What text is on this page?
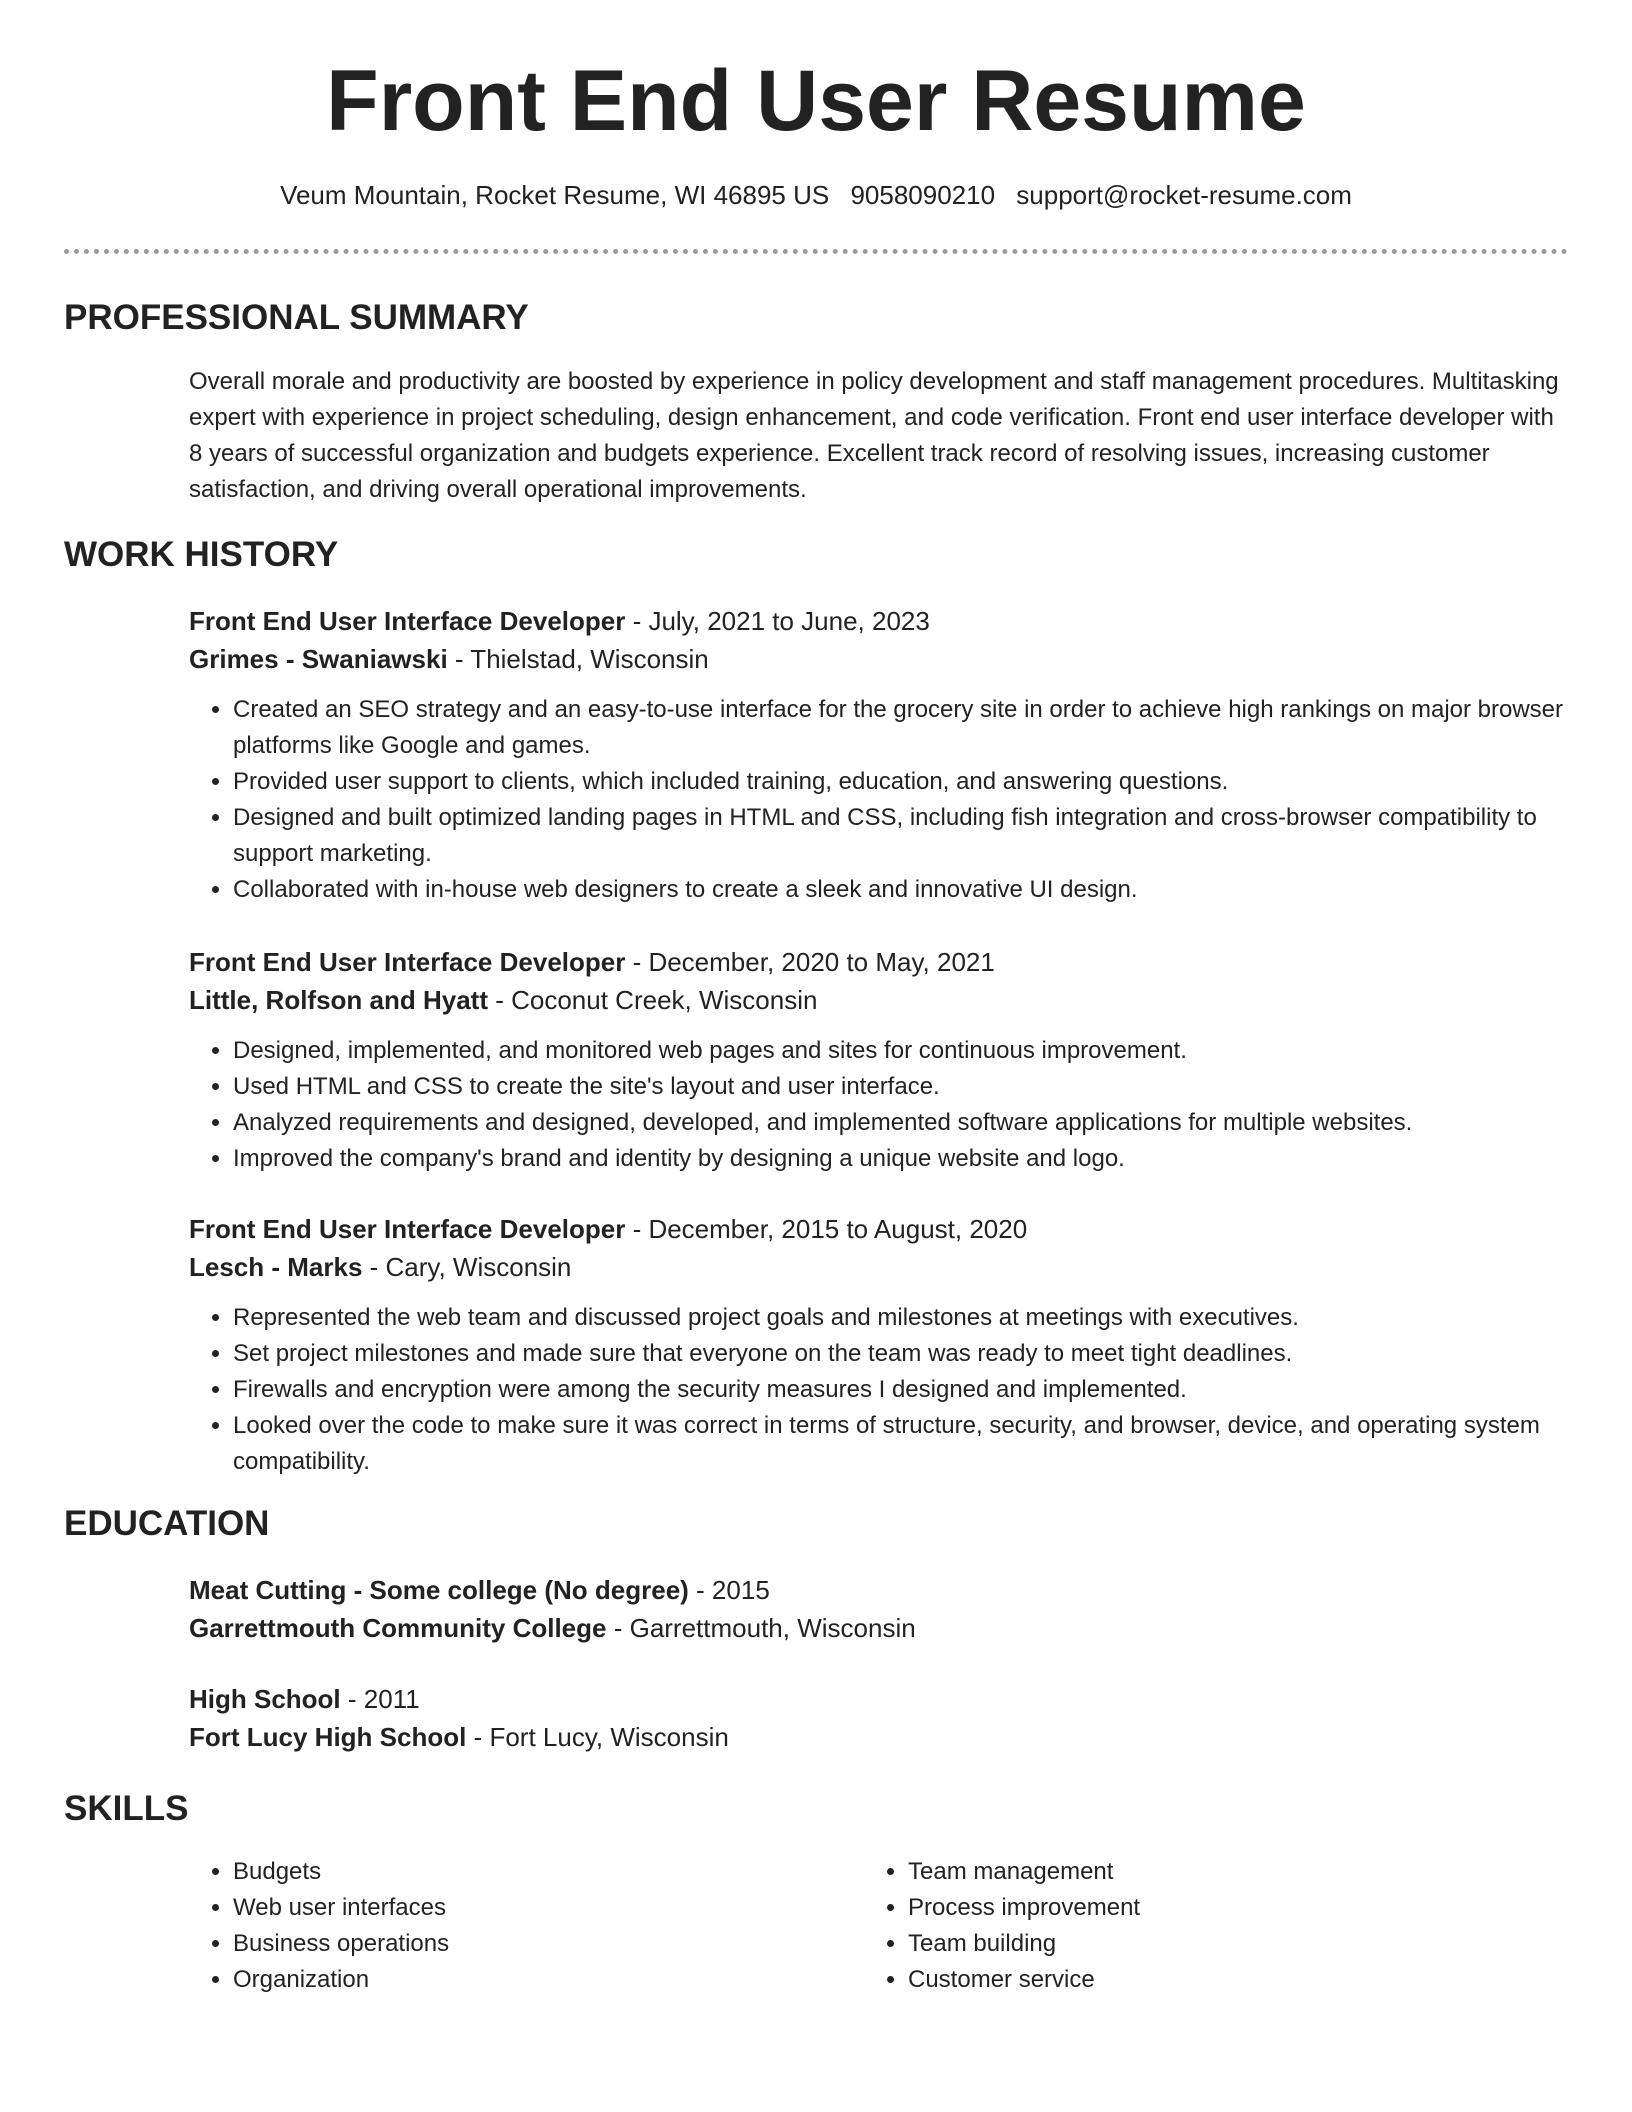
Front End User Resume
Veum Mountain, Rocket Resume, WI 46895 US 9058090210 support@rocket-resume.com
PROFESSIONAL SUMMARY
Overall morale and productivity are boosted by experience in policy development and staff management procedures. Multitasking expert with experience in project scheduling, design enhancement, and code verification. Front end user interface developer with 8 years of successful organization and budgets experience. Excellent track record of resolving issues, increasing customer satisfaction, and driving overall operational improvements.
WORK HISTORY

Front End User Interface Developer - July, 2021 to June, 2023

Grimes - Swaniawski - Thielstad, Wisconsin

• Created an SEO strategy and an easy-to-use interface for the grocery site in order to achieve high rankings on major browser platforms like Google and games.
• Provided user support to clients, which included training, education, and answering questions.
• Designed and built optimized landing pages in HTML and CSS, including fish integration and cross-browser compatibility to support marketing.
• Collaborated with in-house web designers to create a sleek and innovative UI design.

Front End User Interface Developer - December, 2020 to May, 2021

Little, Rolfson and Hyatt - Coconut Creek, Wisconsin

• Designed, implemented, and monitored web pages and sites for continuous improvement.
• Used HTML and CSS to create the site's layout and user interface.
• Analyzed requirements and designed, developed, and implemented software applications for multiple websites.
• Improved the company's brand and identity by designing a unique website and logo.

Front End User Interface Developer - December, 2015 to August, 2020

Lesch - Marks - Cary, Wisconsin

• Represented the web team and discussed project goals and milestones at meetings with executives.
• Set project milestones and made sure that everyone on the team was ready to meet tight deadlines.
• Firewalls and encryption were among the security measures I designed and implemented.
• Looked over the code to make sure it was correct in terms of structure, security, and browser, device, and operating system compatibility.
EDUCATION

Meat Cutting - Some college (No degree) - 2015

Garrettmouth Community College - Garrettmouth, Wisconsin

High School - 2011

Fort Lucy High School - Fort Lucy, Wisconsin

SKILLS
• Budgets
• Web user interfaces
• Business operations
• Organization
• Team management
• Process improvement
• Team building
• Customer service
